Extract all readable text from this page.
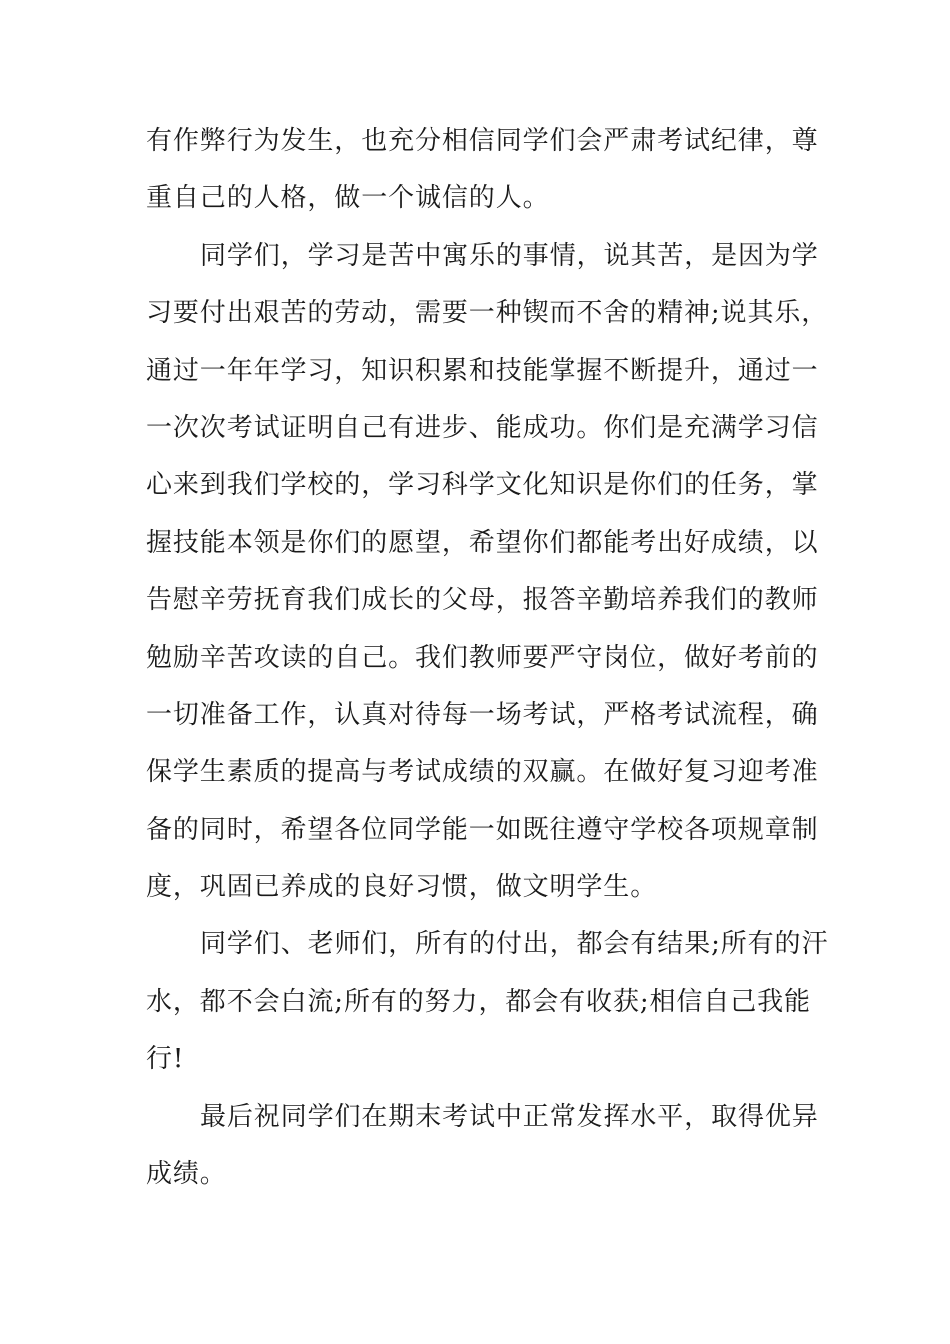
有作弊行为发生，也充分相信同学们会严肃考试纪律，尊
重自己的人格，做一个诚信的人。
同学们，学习是苦中寓乐的事情，说其苦，是因为学
习要付出艰苦的劳动，需要一种锲而不舍的精神;说其乐，
通过一年年学习，知识积累和技能掌握不断提升，通过一
一次次考试证明自己有进步、能成功。你们是充满学习信
心来到我们学校的，学习科学文化知识是你们的任务，掌
握技能本领是你们的愿望，希望你们都能考出好成绩，以
告慰辛劳抚育我们成长的父母，报答辛勤培养我们的教师
勉励辛苦攻读的自己。我们教师要严守岗位，做好考前的
一切准备工作，认真对待每一场考试，严格考试流程，确
保学生素质的提高与考试成绩的双赢。在做好复习迎考准
备的同时，希望各位同学能一如既往遵守学校各项规章制
度，巩固已养成的良好习惯，做文明学生。
同学们、老师们，所有的付出，都会有结果;所有的汗
水，都不会白流;所有的努力，都会有收获;相信自己我能
行!
最后祝同学们在期末考试中正常发挥水平，取得优异
成绩。
